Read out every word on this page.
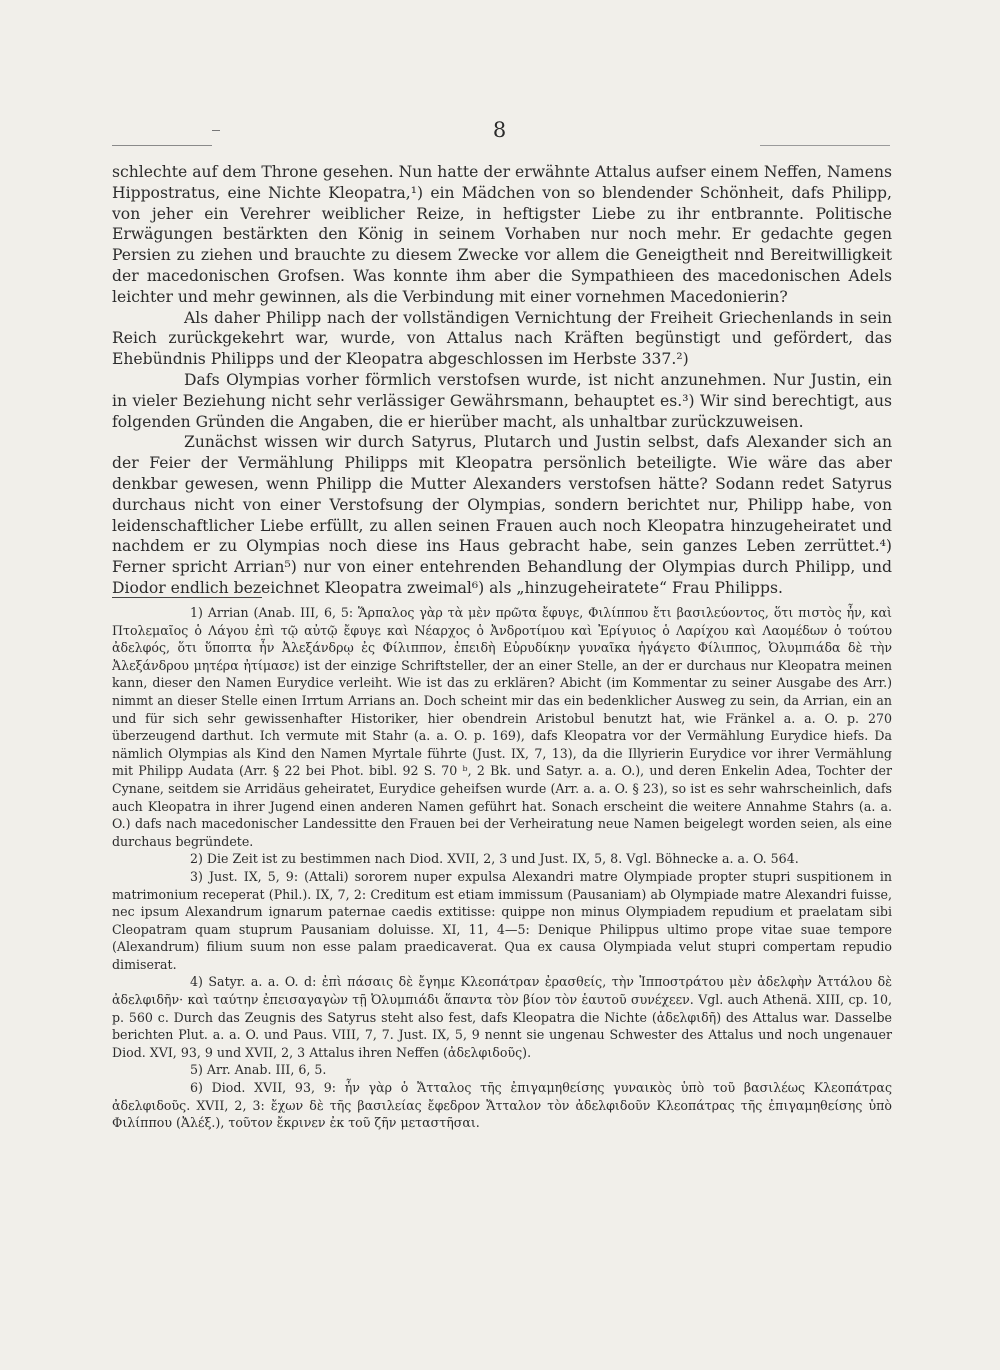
8

schlechte auf dem Throne gesehen. Nun hatte der erwähnte Attalus aufser einem Neffen, Namens Hippostratus, eine Nichte Kleopatra,¹) ein Mädchen von so blendender Schönheit, dafs Philipp, von jeher ein Verehrer weiblicher Reize, in heftigster Liebe zu ihr entbrannte. Politische Erwägungen bestärkten den König in seinem Vorhaben nur noch mehr. Er gedachte gegen Persien zu ziehen und brauchte zu diesem Zwecke vor allem die Geneigtheit nnd Bereitwilligkeit der macedonischen Grofsen. Was konnte ihm aber die Sympathieen des macedonischen Adels leichter und mehr gewinnen, als die Verbindung mit einer vornehmen Macedonierin?

Als daher Philipp nach der vollständigen Vernichtung der Freiheit Griechenlands in sein Reich zurückgekehrt war, wurde, von Attalus nach Kräften begünstigt und gefördert, das Ehebündnis Philipps und der Kleopatra abgeschlossen im Herbste 337.²)

Dafs Olympias vorher förmlich verstofsen wurde, ist nicht anzunehmen. Nur Justin, ein in vieler Beziehung nicht sehr verlässiger Gewährsmann, behauptet es.³) Wir sind berechtigt, aus folgenden Gründen die Angaben, die er hierüber macht, als unhaltbar zurückzuweisen.

Zunächst wissen wir durch Satyrus, Plutarch und Justin selbst, dafs Alexander sich an der Feier der Vermählung Philipps mit Kleopatra persönlich beteiligte. Wie wäre das aber denkbar gewesen, wenn Philipp die Mutter Alexanders verstofsen hätte? Sodann redet Satyrus durchaus nicht von einer Verstofsung der Olympias, sondern berichtet nur, Philipp habe, von leidenschaftlicher Liebe erfüllt, zu allen seinen Frauen auch noch Kleopatra hinzugeheiratet und nachdem er zu Olympias noch diese ins Haus gebracht habe, sein ganzes Leben zerrüttet.⁴) Ferner spricht Arrian⁵) nur von einer entehrenden Behandlung der Olympias durch Philipp, und Diodor endlich bezeichnet Kleopatra zweimal⁶) als „hinzugeheiratete“ Frau Philipps.

1) Arrian (Anab. III, 6, 5: Ἅρπαλος γὰρ τὰ μὲν πρῶτα ἔφυγε, Φιλίππου ἔτι βασιλεύοντος, ὅτι πιστὸς ἦν, καὶ Πτολεμαῖος ὁ Λάγου ἐπὶ τῷ αὐτῷ ἔφυγε καὶ Νέαρχος ὁ Ἀνδροτίμου καὶ Ἐρίγυιος ὁ Λαρίχου καὶ Λαομέδων ὁ τούτου ἀδελφός, ὅτι ὕποπτα ἦν Ἀλεξάνδρῳ ἐς Φίλιππον, ἐπειδὴ Εὐρυδίκην γυναῖκα ἠγάγετο Φίλιππος, Ὀλυμπιάδα δὲ τὴν Ἀλεξάνδρου μητέρα ἠτίμασε) ist der einzige Schriftsteller, der an einer Stelle, an der er durchaus nur Kleopatra meinen kann, dieser den Namen Eurydice verleiht. Wie ist das zu erklären? Abicht (im Kommentar zu seiner Ausgabe des Arr.) nimmt an dieser Stelle einen Irrtum Arrians an. Doch scheint mir das ein bedenklicher Ausweg zu sein, da Arrian, ein an und für sich sehr gewissenhafter Historiker, hier obendrein Aristobul benutzt hat, wie Fränkel a. a. O. p. 270 überzeugend darthut. Ich vermute mit Stahr (a. a. O. p. 169), dafs Kleopatra vor der Vermählung Eurydice hiefs. Da nämlich Olympias als Kind den Namen Myrtale führte (Just. IX, 7, 13), da die Illyrierin Eurydice vor ihrer Vermählung mit Philipp Audata (Arr. § 22 bei Phot. bibl. 92 S. 70 ᵇ, 2 Bk. und Satyr. a. a. O.), und deren Enkelin Adea, Tochter der Cynane, seitdem sie Arridäus geheiratet, Eurydice geheifsen wurde (Arr. a. a. O. § 23), so ist es sehr wahrscheinlich, dafs auch Kleopatra in ihrer Jugend einen anderen Namen geführt hat. Sonach erscheint die weitere Annahme Stahrs (a. a. O.) dafs nach macedonischer Landessitte den Frauen bei der Verheiratung neue Namen beigelegt worden seien, als eine durchaus begründete.

2) Die Zeit ist zu bestimmen nach Diod. XVII, 2, 3 und Just. IX, 5, 8. Vgl. Böhnecke a. a. O. 564.

3) Just. IX, 5, 9: (Attali) sororem nuper expulsa Alexandri matre Olympiade propter stupri suspitionem in matrimonium receperat (Phil.). IX, 7, 2: Creditum est etiam immissum (Pausaniam) ab Olympiade matre Alexandri fuisse, nec ipsum Alexandrum ignarum paternae caedis extitisse: quippe non minus Olympiadem repudium et praelatam sibi Cleopatram quam stuprum Pausaniam doluisse. XI, 11, 4—5: Denique Philippus ultimo prope vitae suae tempore (Alexandrum) filium suum non esse palam praedicaverat. Qua ex causa Olympiada velut stupri compertam repudio dimiserat.

4) Satyr. a. a. O. d: ἐπὶ πάσαις δὲ ἔγημε Κλεοπάτραν ἐρασθείς, τὴν Ἱπποστράτου μὲν ἀδελφὴν Ἀττάλου δὲ ἀδελφιδῆν· καὶ ταύτην ἐπεισαγαγὼν τῇ Ὀλυμπιάδι ἅπαντα τὸν βίον τὸν ἑαυτοῦ συνέχεεν. Vgl. auch Athenä. XIII, cp. 10, p. 560 c. Durch das Zeugnis des Satyrus steht also fest, dafs Kleopatra die Nichte (ἀδελφιδῆ) des Attalus war. Dasselbe berichten Plut. a. a. O. und Paus. VIII, 7, 7. Just. IX, 5, 9 nennt sie ungenau Schwester des Attalus und noch ungenauer Diod. XVI, 93, 9 und XVII, 2, 3 Attalus ihren Neffen (ἀδελφιδοῦς).

5) Arr. Anab. III, 6, 5.

6) Diod. XVII, 93, 9: ἦν γὰρ ὁ Ἄτταλος τῆς ἐπιγαμηθείσης γυναικὸς ὑπὸ τοῦ βασιλέως Κλεοπάτρας ἀδελφιδοῦς. XVII, 2, 3: ἔχων δὲ τῆς βασιλείας ἔφεδρον Ἄτταλον τὸν ἀδελφιδοῦν Κλεοπάτρας τῆς ἐπιγαμηθείσης ὑπὸ Φιλίππου (Ἀλέξ.), τοῦτον ἔκρινεν ἐκ τοῦ ζῆν μεταστῆσαι.
